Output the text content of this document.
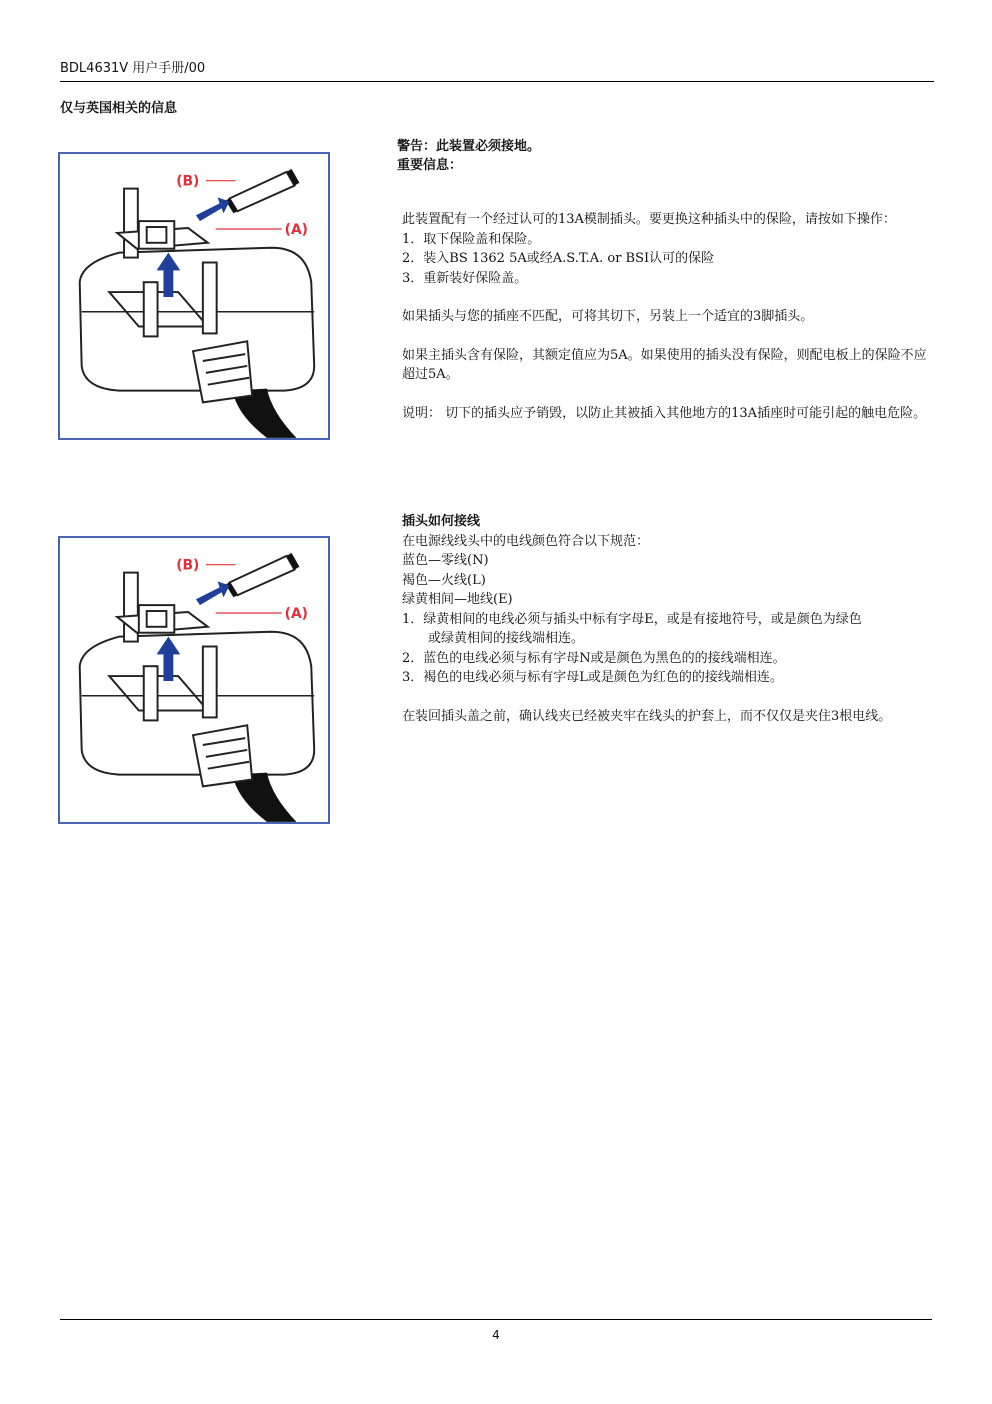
BDL4631V 用户手册/00
仅与英国相关的信息
(B)
(A)
警告：此装置必须接地。
重要信息：

此装置配有一个经过认可的13A模制插头。要更换这种插头中的保险，请按如下操作：

1．取下保险盖和保险。

2．装入BS 1362 5A或经A.S.T.A. or BSI认可的保险

3．重新装好保险盖。

如果插头与您的插座不匹配，可将其切下，另装上一个适宜的3脚插头。

如果主插头含有保险，其额定值应为5A。如果使用的插头没有保险，则配电板上的保险不应超过5A。

说明： 切下的插头应予销毁，以防止其被插入其他地方的13A插座时可能引起的触电危险。

(B)
(A)

插头如何接线

在电源线线头中的电线颜色符合以下规范：

蓝色—零线(N)

褐色—火线(L)

绿黄相间—地线(E)

1．绿黄相间的电线必须与插头中标有字母E，或是有接地符号，或是颜色为绿色
或绿黄相间的接线端相连。

2．蓝色的电线必须与标有字母N或是颜色为黑色的的接线端相连。

3．褐色的电线必须与标有字母L或是颜色为红色的的接线端相连。

在装回插头盖之前，确认线夹已经被夹牢在线头的护套上，而不仅仅是夹住3根电线。

4
